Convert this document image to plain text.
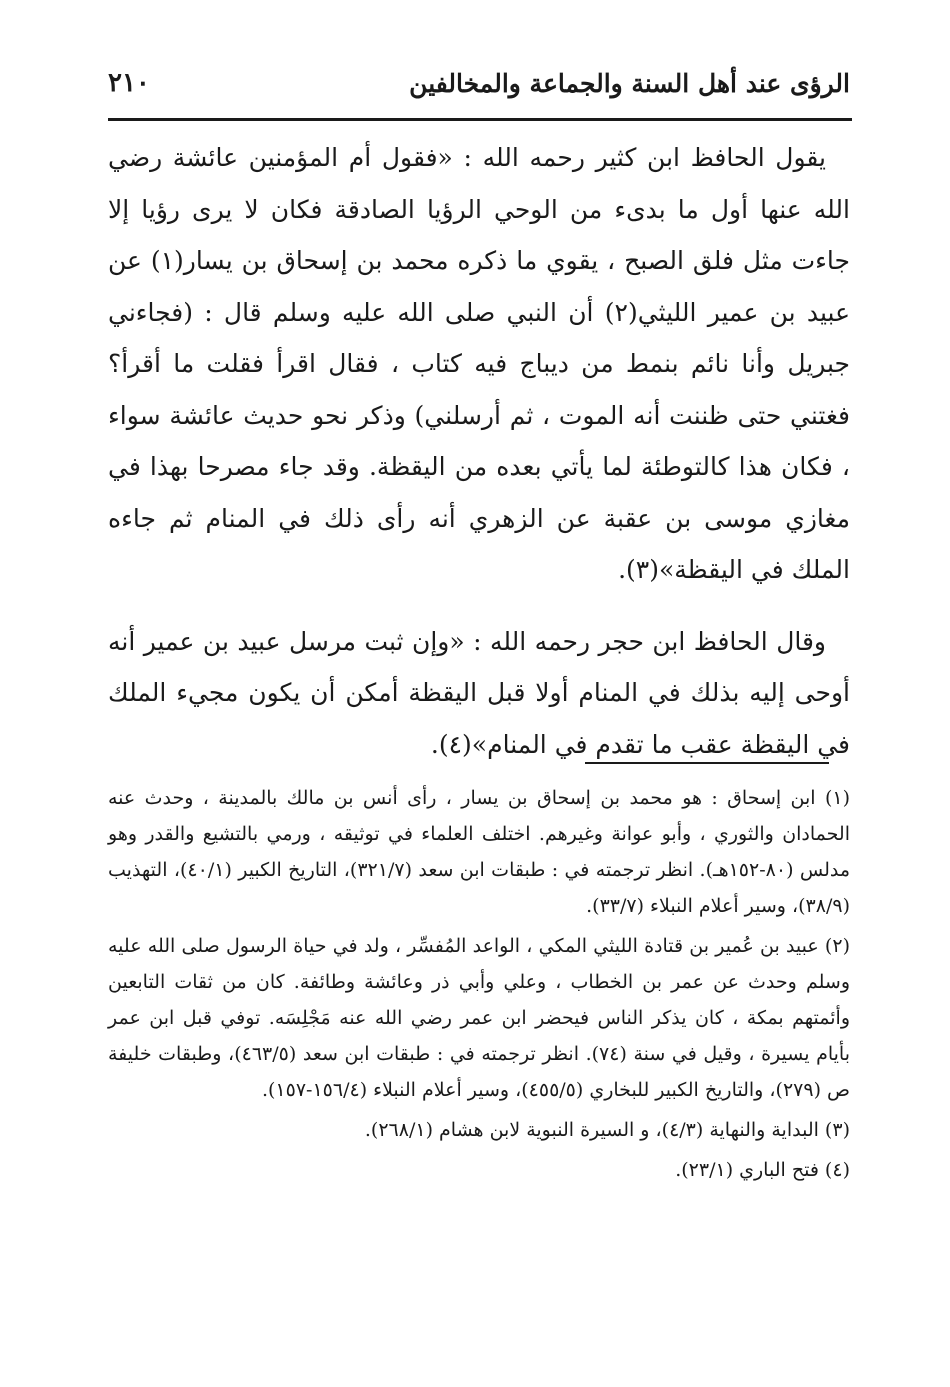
الرؤى عند أهل السنة والجماعة والمخالفين
٢١٠

يقول الحافظ ابن كثير رحمه الله : «فقول أم المؤمنين عائشة رضي الله عنها أول ما بدىء من الوحي الرؤيا الصادقة فكان لا يرى رؤيا إلا جاءت مثل فلق الصبح ، يقوي ما ذكره محمد بن إسحاق بن يسار(١) عن عبيد بن عمير الليثي(٢) أن النبي صلى الله عليه وسلم قال : (فجاءني جبريل وأنا نائم بنمط من ديباج فيه كتاب ، فقال اقرأ فقلت ما أقرأ؟ فغتني حتى ظننت أنه الموت ، ثم أرسلني) وذكر نحو حديث عائشة سواء ، فكان هذا كالتوطئة لما يأتي بعده من اليقظة. وقد جاء مصرحا بهذا في مغازي موسى بن عقبة عن الزهري أنه رأى ذلك في المنام ثم جاءه الملك في اليقظة»(٣).

وقال الحافظ ابن حجر رحمه الله : «وإن ثبت مرسل عبيد بن عمير أنه أوحى إليه بذلك في المنام أولا قبل اليقظة أمكن أن يكون مجيء الملك في اليقظة عقب ما تقدم في المنام»(٤).

(١) ابن إسحاق : هو محمد بن إسحاق بن يسار ، رأى أنس بن مالك بالمدينة ، وحدث عنه الحمادان والثوري ، وأبو عوانة وغيرهم. اختلف العلماء في توثيقه ، ورمي بالتشيع والقدر وهو مدلس (٨٠-١٥٢هـ). انظر ترجمته في : طبقات ابن سعد (٣٢١/٧)، التاريخ الكبير (٤٠/١)، التهذيب (٣٨/٩)، وسير أعلام النبلاء (٣٣/٧).

(٢) عبيد بن عُمير بن قتادة الليثي المكي ، الواعد المُفسِّر ، ولد في حياة الرسول صلى الله عليه وسلم وحدث عن عمر بن الخطاب ، وعلي وأبي ذر وعائشة وطائفة. كان من ثقات التابعين وأئمتهم بمكة ، كان يذكر الناس فيحضر ابن عمر رضي الله عنه مَجْلِسَه. توفي قبل ابن عمر بأيام يسيرة ، وقيل في سنة (٧٤). انظر ترجمته في : طبقات ابن سعد (٤٦٣/٥)، وطبقات خليفة ص (٢٧٩)، والتاريخ الكبير للبخاري (٤٥٥/٥)، وسير أعلام النبلاء (١٥٦/٤-١٥٧).

(٣) البداية والنهاية (٤/٣)، و السيرة النبوية لابن هشام (٢٦٨/١).

(٤) فتح الباري (٢٣/١).
